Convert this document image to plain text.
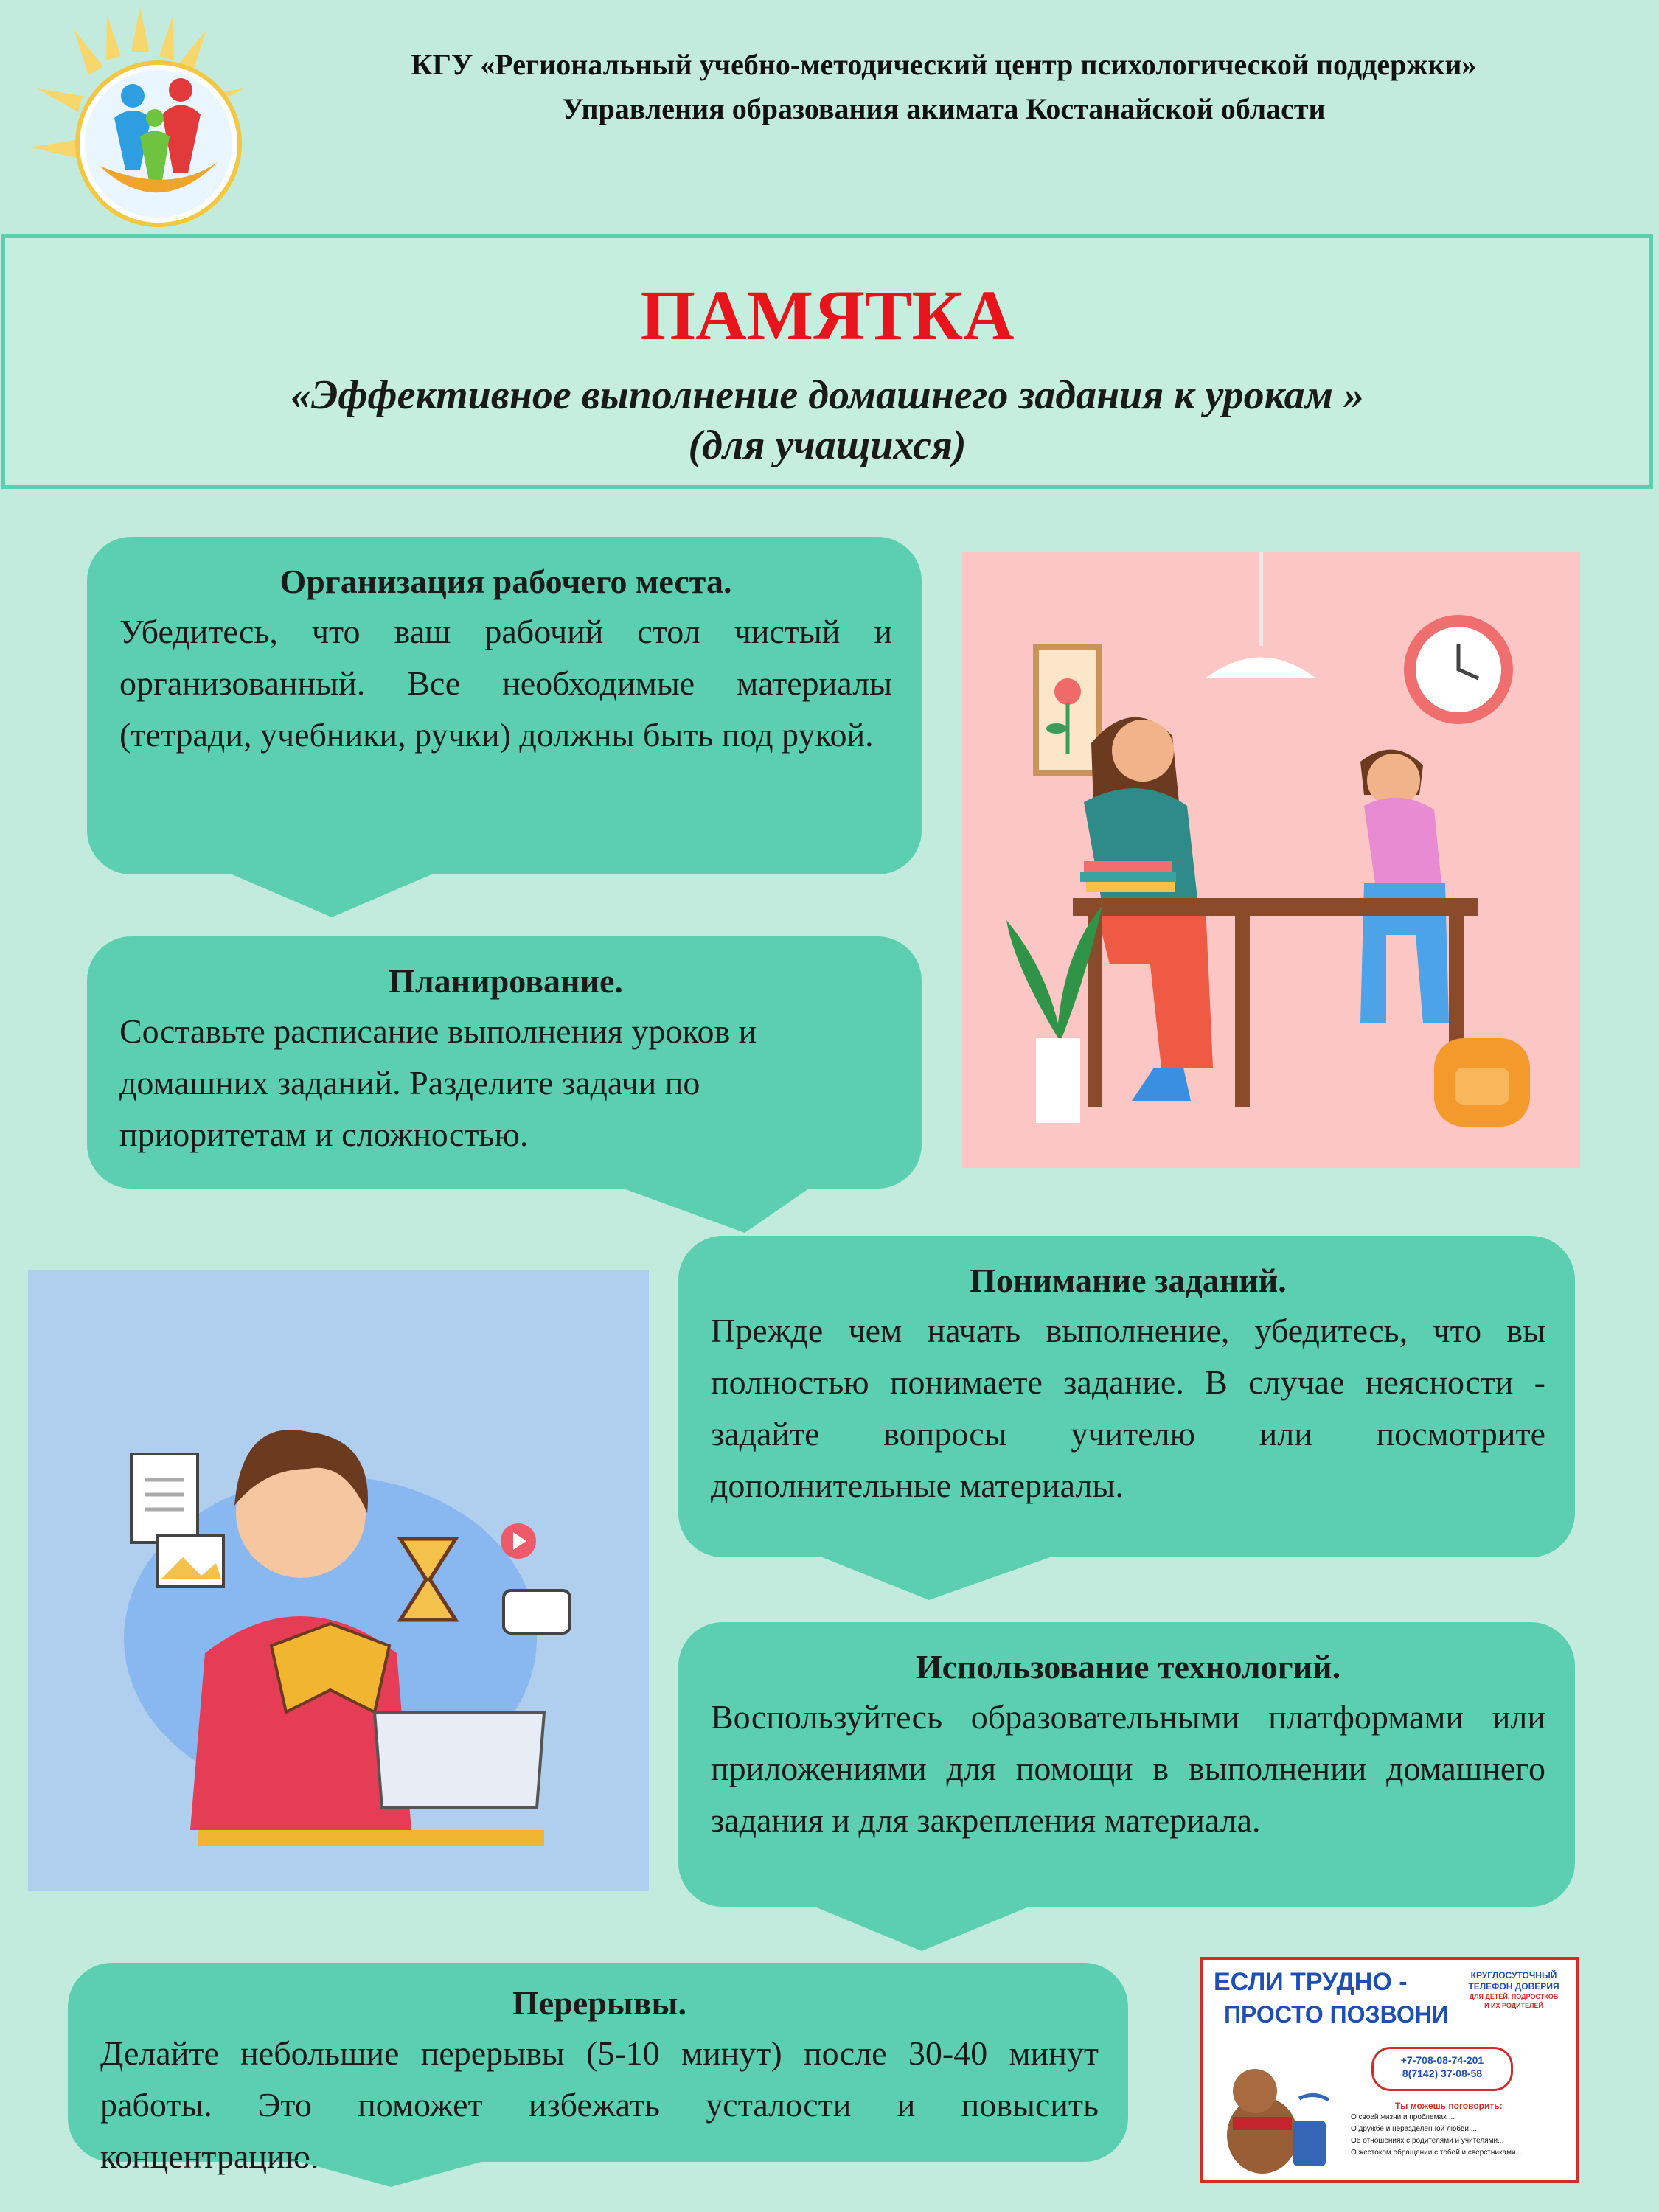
КГУ «Региональный учебно-методический центр психологической поддержки»
Управления образования акимата Костанайской области
ПАМЯТКА
«Эффективное выполнение домашнего задания к урокам »
(для учащихся)
Организация рабочего места.

Убедитесь, что ваш рабочий стол чистый и организованный. Все необходимые материалы (тетради, учебники, ручки) должны быть под рукой.

Планирование.

Составьте расписание выполнения уроков и домашних заданий. Разделите задачи по приоритетам и сложностью.

Понимание заданий.

Прежде чем начать выполнение, убедитесь, что вы полностью понимаете задание. В случае неясности - задайте вопросы учителю или посмотрите дополнительные материалы.

Использование технологий.

Воспользуйтесь образовательными платформами или приложениями для помощи в выполнении домашнего задания и для закрепления материала.

Перерывы.

Делайте небольшие перерывы (5-10 минут) после 30-40 минут работы. Это поможет избежать усталости и повысить концентрацию.

ЕСЛИ ТРУДНО -
ПРОСТО ПОЗВОНИ
КРУГЛОСУТОЧНЫЙ
ТЕЛЕФОН ДОВЕРИЯ
ДЛЯ ДЕТЕЙ, ПОДРОСТКОВ
И ИХ РОДИТЕЛЕЙ
+7-708-08-74-201
8(7142) 37-08-58
Ты можешь поговорить:
О своей жизни и проблемах ...
О дружбе и неразделенной любви ...
Об отношениях с родителями и учителями...
О жестоком обращении с тобой и сверстниками...
